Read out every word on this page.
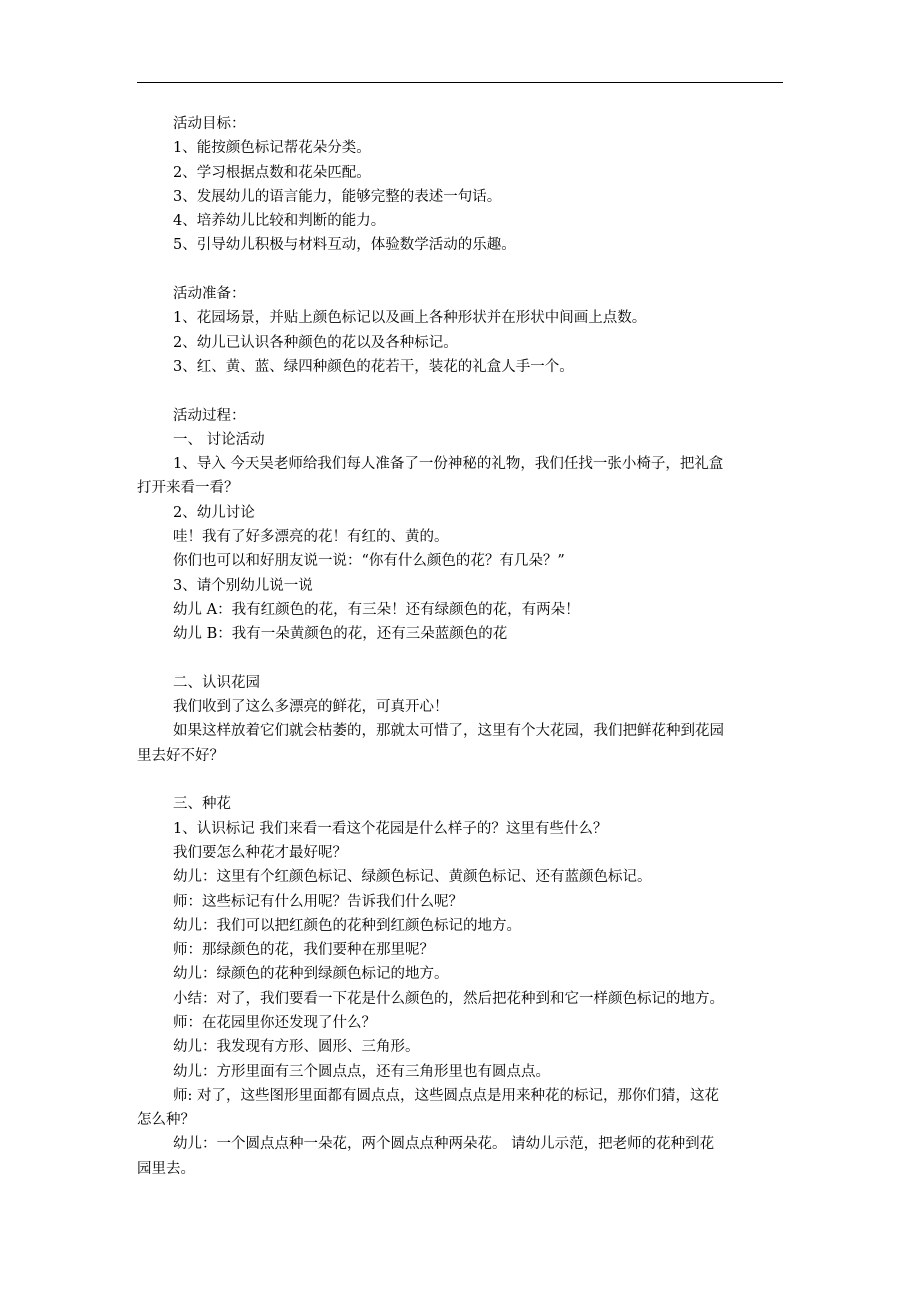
活动目标：
1、能按颜色标记帮花朵分类。
2、学习根据点数和花朵匹配。
3、发展幼儿的语言能力，能够完整的表述一句话。
4、培养幼儿比较和判断的能力。
5、引导幼儿积极与材料互动，体验数学活动的乐趣。
活动准备：
1、花园场景，并贴上颜色标记以及画上各种形状并在形状中间画上点数。
2、幼儿已认识各种颜色的花以及各种标记。
3、红、黄、蓝、绿四种颜色的花若干，装花的礼盒人手一个。
活动过程：
一、 讨论活动
1、导入 今天吴老师给我们每人准备了一份神秘的礼物，我们任找一张小椅子，把礼盒
打开来看一看？
2、幼儿讨论
哇！我有了好多漂亮的花！有红的、黄的。
你们也可以和好朋友说一说：“你有什么颜色的花？有几朵？”
3、请个别幼儿说一说
幼儿 A：我有红颜色的花，有三朵！还有绿颜色的花，有两朵！
幼儿 B：我有一朵黄颜色的花，还有三朵蓝颜色的花
二、认识花园
我们收到了这么多漂亮的鲜花，可真开心！
如果这样放着它们就会枯萎的，那就太可惜了，这里有个大花园，我们把鲜花种到花园
里去好不好？
三、种花
1、认识标记 我们来看一看这个花园是什么样子的？这里有些什么？
我们要怎么种花才最好呢？
幼儿：这里有个红颜色标记、绿颜色标记、黄颜色标记、还有蓝颜色标记。
师：这些标记有什么用呢？告诉我们什么呢？
幼儿：我们可以把红颜色的花种到红颜色标记的地方。
师：那绿颜色的花，我们要种在那里呢？
幼儿：绿颜色的花种到绿颜色标记的地方。
小结：对了，我们要看一下花是什么颜色的，然后把花种到和它一样颜色标记的地方。
师：在花园里你还发现了什么？
幼儿：我发现有方形、圆形、三角形。
幼儿：方形里面有三个圆点点，还有三角形里也有圆点点。
师: 对了，这些图形里面都有圆点点，这些圆点点是用来种花的标记，那你们猜，这花
怎么种？
幼儿：一个圆点点种一朵花，两个圆点点种两朵花。 请幼儿示范，把老师的花种到花
园里去。
